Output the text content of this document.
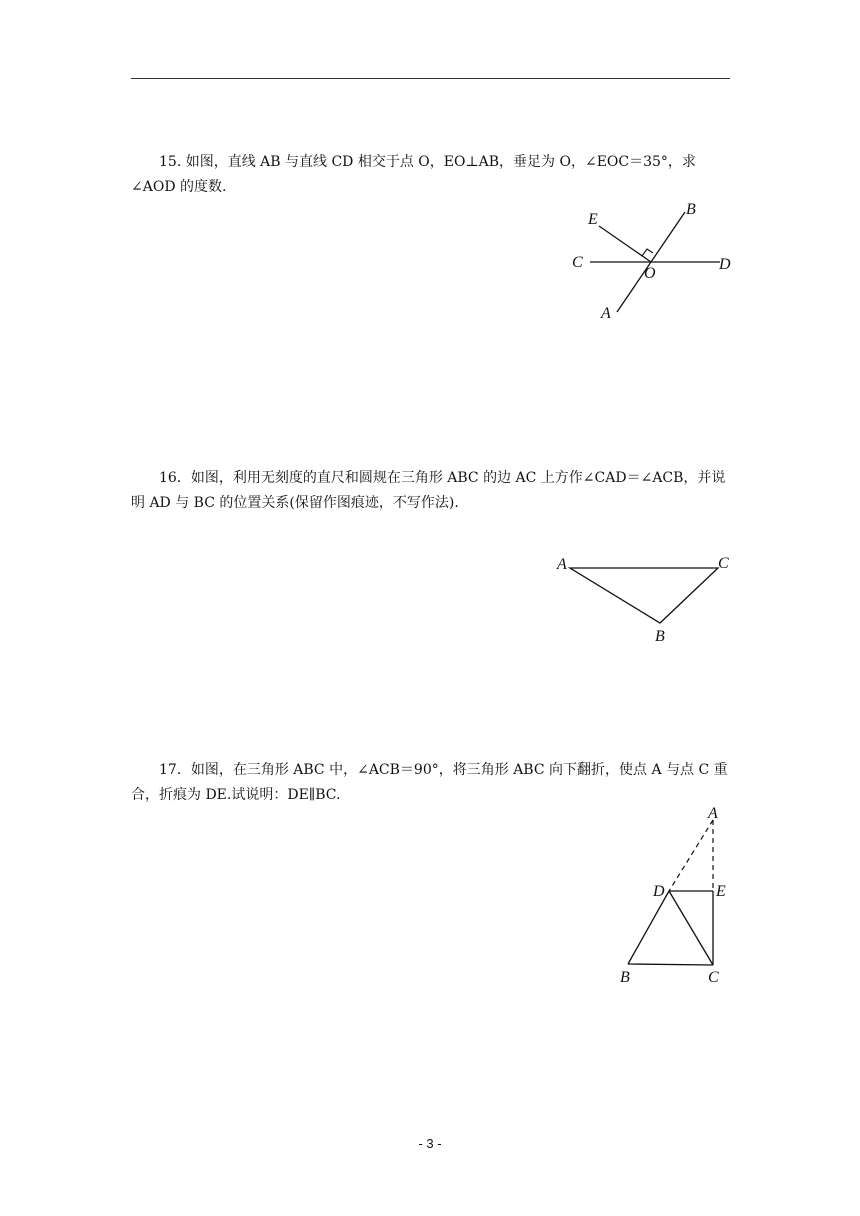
15. 如图，直线 AB 与直线 CD 相交于点 O，EO⊥AB，垂足为 O，∠EOC＝35°，求∠AOD 的度数.

E
B
C
O
D
A

16．如图，利用无刻度的直尺和圆规在三角形 ABC 的边 AC 上方作∠CAD＝∠ACB，并说明 AD 与 BC 的位置关系(保留作图痕迹，不写作法).

A	C
B

17．如图，在三角形 ABC 中，∠ACB＝90°，将三角形 ABC 向下翻折，使点 A 与点 C 重合，折痕为 DE.试说明：DE∥BC.

A
D	E
B	C
- 3 -
